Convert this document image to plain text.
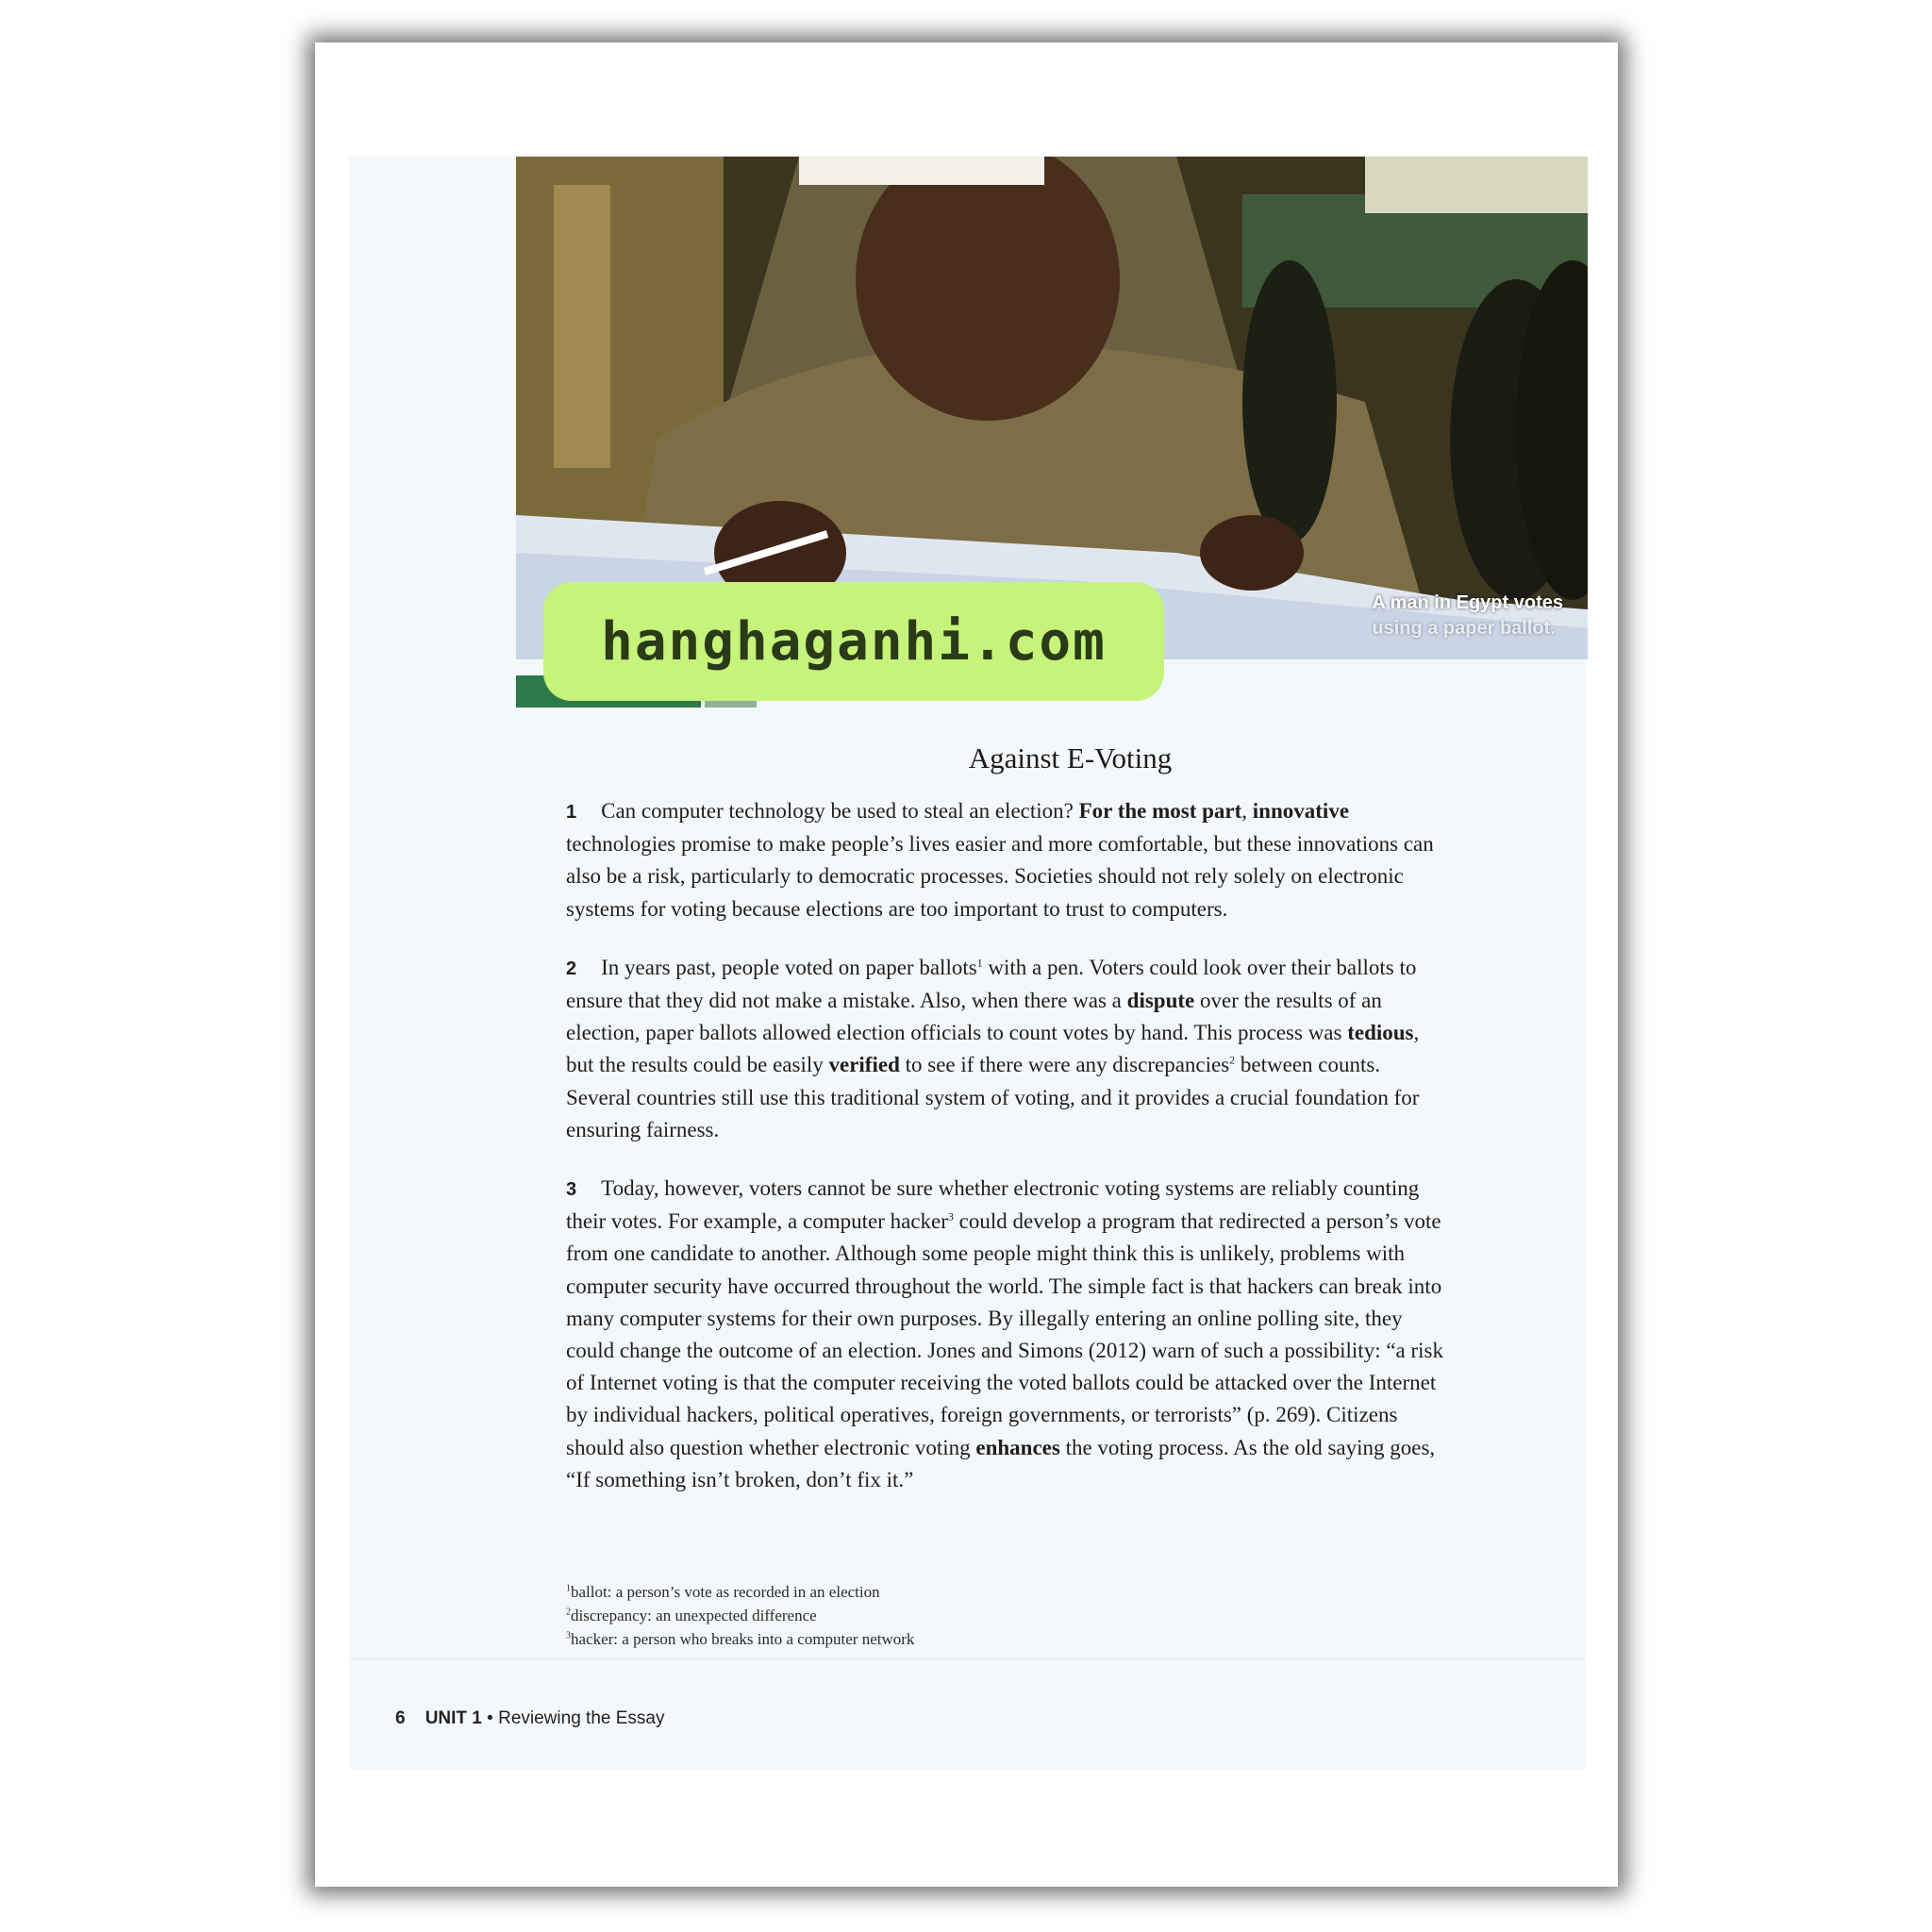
A man in Egypt votes
using a paper ballot.
Against E-Voting

1 Can computer technology be used to steal an election? For the most part, innovative technologies promise to make people’s lives easier and more comfortable, but these innovations can also be a risk, particularly to democratic processes. Societies should not rely solely on electronic systems for voting because elections are too important to trust to computers.

2 In years past, people voted on paper ballots$^1$ with a pen. Voters could look over their ballots to ensure that they did not make a mistake. Also, when there was a dispute over the results of an election, paper ballots allowed election officials to count votes by hand. This process was tedious, but the results could be easily verified to see if there were any discrepancies$^2$ between counts. Several countries still use this traditional system of voting, and it provides a crucial foundation for ensuring fairness.

3 Today, however, voters cannot be sure whether electronic voting systems are reliably counting their votes. For example, a computer hacker$^3$ could develop a program that redirected a person’s vote from one candidate to another. Although some people might think this is unlikely, problems with computer security have occurred throughout the world. The simple fact is that hackers can break into many computer systems for their own purposes. By illegally entering an online polling site, they could change the outcome of an election. Jones and Simons (2012) warn of such a possibility: “a risk of Internet voting is that the computer receiving the voted ballots could be attacked over the Internet by individual hackers, political operatives, foreign governments, or terrorists” (p. 269). Citizens should also question whether electronic voting enhances the voting process. As the old saying goes, “If something isn’t broken, don’t fix it.”

$^1$ballot: a person’s vote as recorded in an election
$^2$discrepancy: an unexpected difference
$^3$hacker: a person who breaks into a computer network
6 UNIT 1 • Reviewing the Essay
hanghaganhi.com
